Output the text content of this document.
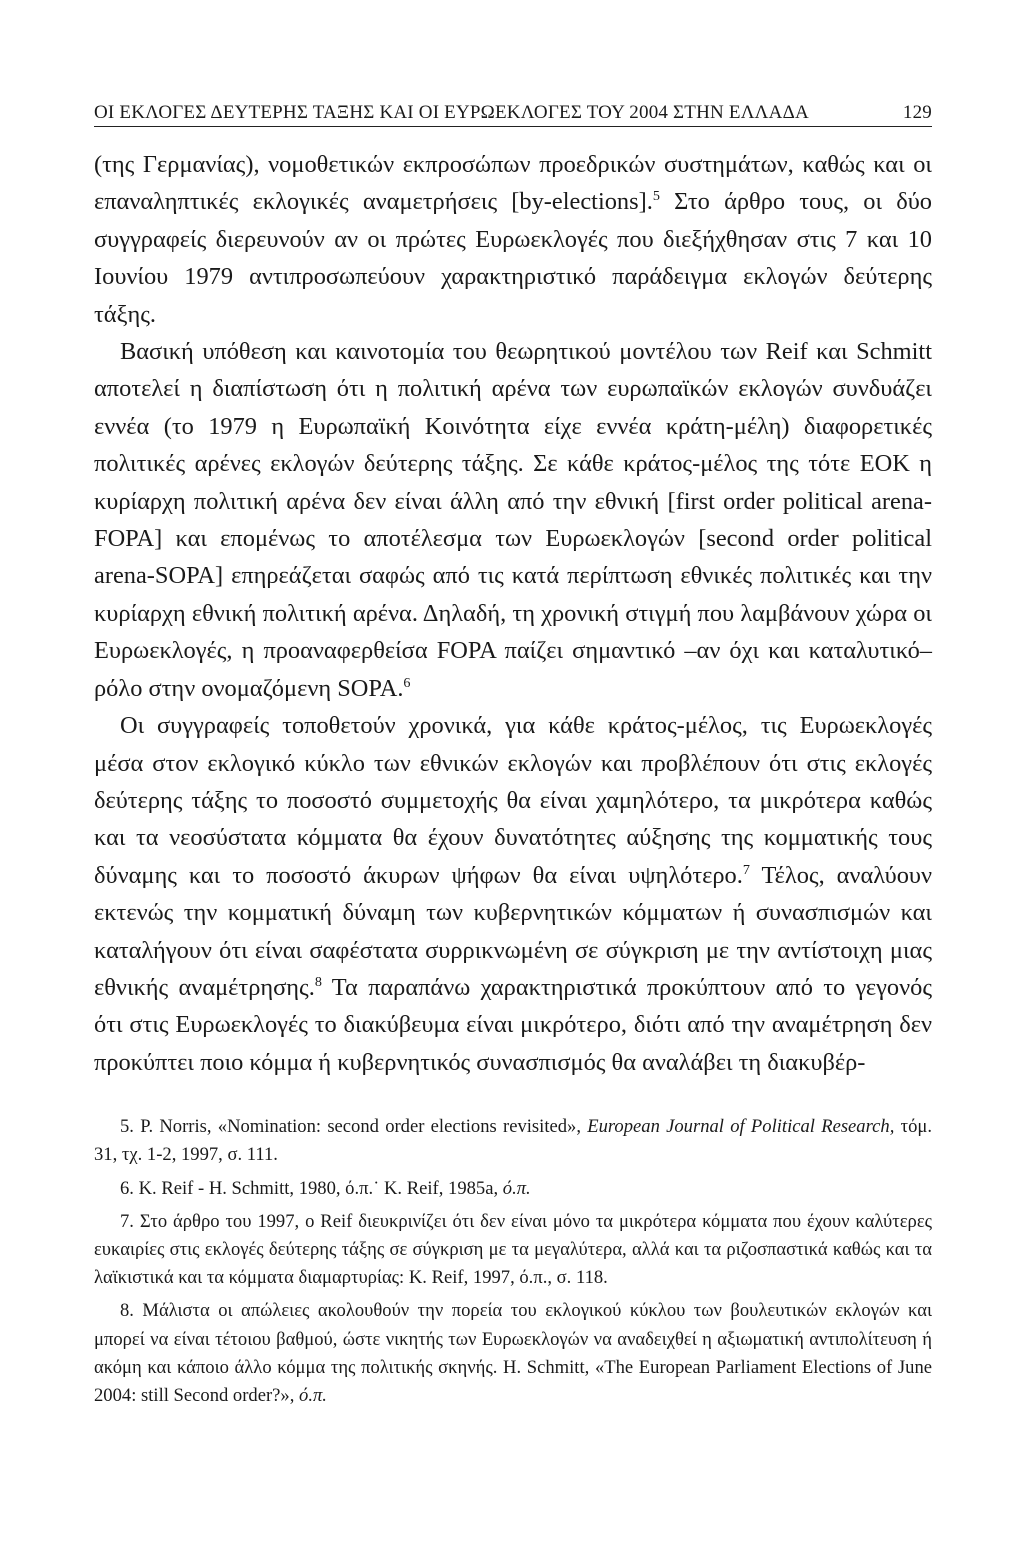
ΟΙ ΕΚΛΟΓΕΣ ΔΕΥΤΕΡΗΣ ΤΑΞΗΣ ΚΑΙ ΟΙ ΕΥΡΩΕΚΛΟΓΕΣ ΤΟΥ 2004 ΣΤΗΝ ΕΛΛΑΔΑ	129

(της Γερμανίας), νομοθετικών εκπροσώπων προεδρικών συστημάτων, καθώς και οι επαναληπτικές εκλογικές αναμετρήσεις [by-elections].$^5$ Στο άρθρο τους, οι δύο συγγραφείς διερευνούν αν οι πρώτες Ευρωεκλογές που διεξήχθησαν στις 7 και 10 Ιουνίου 1979 αντιπροσωπεύουν χαρακτηριστικό παράδειγμα εκλογών δεύτερης τάξης.

Βασική υπόθεση και καινοτομία του θεωρητικού μοντέλου των Reif και Schmitt αποτελεί η διαπίστωση ότι η πολιτική αρένα των ευρωπαϊκών εκλογών συνδυάζει εννέα (το 1979 η Ευρωπαϊκή Κοινότητα είχε εννέα κράτη-μέλη) διαφορετικές πολιτικές αρένες εκλογών δεύτερης τάξης. Σε κάθε κράτος-μέλος της τότε ΕΟΚ η κυρίαρχη πολιτική αρένα δεν είναι άλλη από την εθνική [first order political arena-FOPA] και επομένως το αποτέλεσμα των Ευρωεκλογών [second order political arena-SOPA] επηρεάζεται σαφώς από τις κατά περίπτωση εθνικές πολιτικές και την κυρίαρχη εθνική πολιτική αρένα. Δηλαδή, τη χρονική στιγμή που λαμβάνουν χώρα οι Ευρωεκλογές, η προαναφερθείσα FOPA παίζει σημαντικό –αν όχι και καταλυτικό– ρόλο στην ονομαζόμενη SOPA.$^6$

Οι συγγραφείς τοποθετούν χρονικά, για κάθε κράτος-μέλος, τις Ευρωεκλογές μέσα στον εκλογικό κύκλο των εθνικών εκλογών και προβλέπουν ότι στις εκλογές δεύτερης τάξης το ποσοστό συμμετοχής θα είναι χαμηλότερο, τα μικρότερα καθώς και τα νεοσύστατα κόμματα θα έχουν δυνατότητες αύξησης της κομματικής τους δύναμης και το ποσοστό άκυρων ψήφων θα είναι υψηλότερο.$^7$ Τέλος, αναλύουν εκτενώς την κομματική δύναμη των κυβερνητικών κόμματων ή συνασπισμών και καταλήγουν ότι είναι σαφέστατα συρρικνωμένη σε σύγκριση με την αντίστοιχη μιας εθνικής αναμέτρησης.$^8$ Τα παραπάνω χαρακτηριστικά προκύπτουν από το γεγονός ότι στις Ευρωεκλογές το διακύβευμα είναι μικρότερο, διότι από την αναμέτρηση δεν προκύπτει ποιο κόμμα ή κυβερνητικός συνασπισμός θα αναλάβει τη διακυβέρ-

5. P. Norris, «Nomination: second order elections revisited», European Journal of Political Research, τόμ. 31, τχ. 1-2, 1997, σ. 111.

6. K. Reif - H. Schmitt, 1980, ό.π.˙ K. Reif, 1985a, ό.π.

7. Στο άρθρο του 1997, ο Reif διευκρινίζει ότι δεν είναι μόνο τα μικρότερα κόμματα που έχουν καλύτερες ευκαιρίες στις εκλογές δεύτερης τάξης σε σύγκριση με τα μεγαλύτερα, αλλά και τα ριζοσπαστικά καθώς και τα λαϊκιστικά και τα κόμματα διαμαρτυρίας: K. Reif, 1997, ό.π., σ. 118.

8. Μάλιστα οι απώλειες ακολουθούν την πορεία του εκλογικού κύκλου των βουλευτικών εκλογών και μπορεί να είναι τέτοιου βαθμού, ώστε νικητής των Ευρωεκλογών να αναδειχθεί η αξιωματική αντιπολίτευση ή ακόμη και κάποιο άλλο κόμμα της πολιτικής σκηνής. H. Schmitt, «The European Parliament Elections of June 2004: still Second order?», ό.π.
